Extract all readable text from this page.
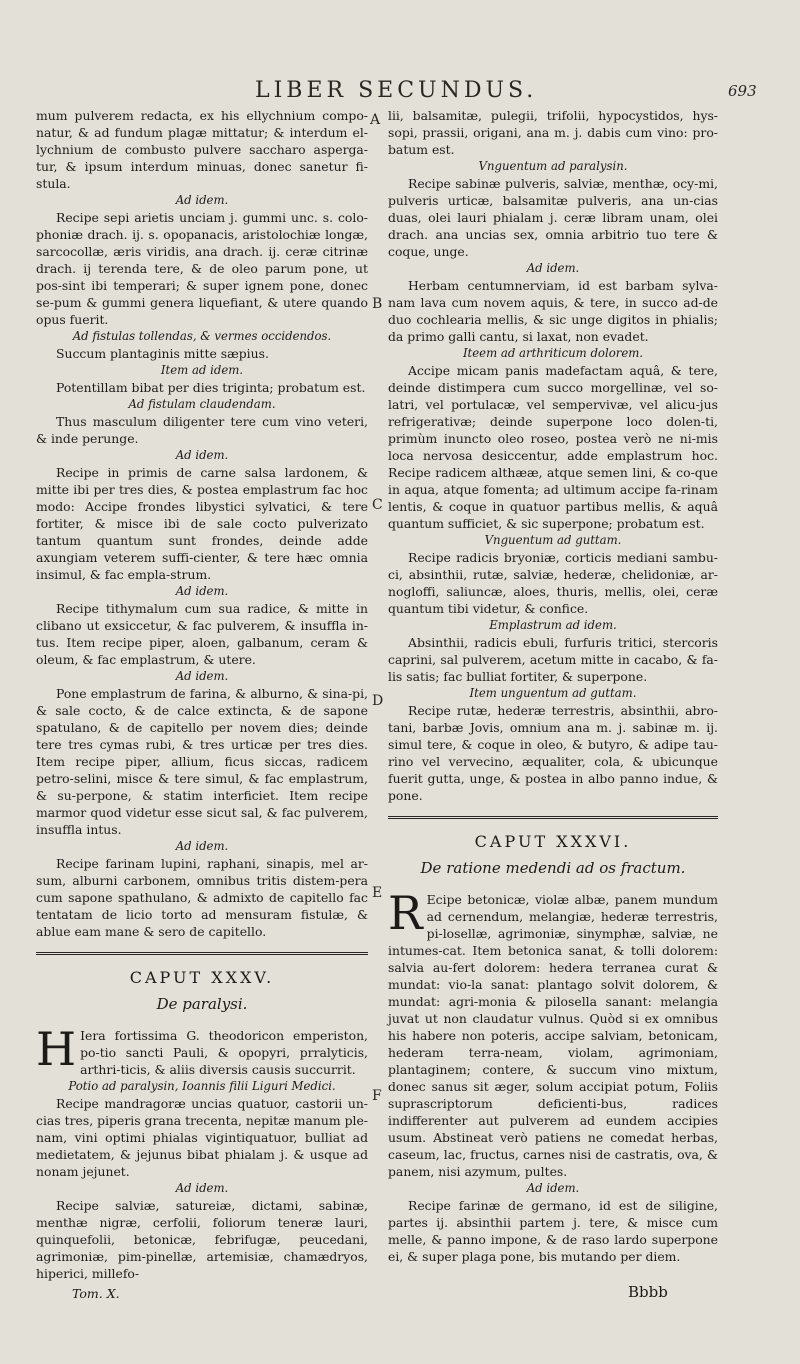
LIBER SECUNDUS.	693
A
B
C
D
E
F

mum pulverem redacta, ex his ellychnium compo-natur, & ad fundum plagæ mittatur; & interdum el-lychnium de combusto pulvere saccharo asperga-tur, & ipsum interdum minuas, donec sanetur fi-stula.

Ad idem.

Recipe sepi arietis unciam j. gummi unc. s. colo-phoniæ drach. ij. s. opopanacis, aristolochiæ longæ, sarcocollæ, æris viridis, ana drach. ij. ceræ citrinæ drach. ij terenda tere, & de oleo parum pone, ut pos-sint ibi temperari; & super ignem pone, donec se-pum & gummi genera liquefiant, & utere quando opus fuerit.

Ad fistulas tollendas, & vermes occidendos.

Succum plantaginis mitte sæpius.

Item ad idem.

Potentillam bibat per dies triginta; probatum est.

Ad fistulam claudendam.

Thus masculum diligenter tere cum vino veteri, & inde perunge.

Ad idem.

Recipe in primis de carne salsa lardonem, & mitte ibi per tres dies, & postea emplastrum fac hoc modo: Accipe frondes libystici sylvatici, & tere fortiter, & misce ibi de sale cocto pulverizato tantum quantum sunt frondes, deinde adde axungiam veterem suffi-cienter, & tere hæc omnia insimul, & fac empla-strum.

Ad idem.

Recipe tithymalum cum sua radice, & mitte in clibano ut exsiccetur, & fac pulverem, & insuffla in-tus. Item recipe piper, aloen, galbanum, ceram & oleum, & fac emplastrum, & utere.

Ad idem.

Pone emplastrum de farina, & alburno, & sina-pi, & sale cocto, & de calce extincta, & de sapone spatulano, & de capitello per novem dies; deinde tere tres cymas rubi, & tres urticæ per tres dies. Item recipe piper, allium, ficus siccas, radicem petro-selini, misce & tere simul, & fac emplastrum, & su-perpone, & statim interficiet. Item recipe marmor quod videtur esse sicut sal, & fac pulverem, insuffla intus.

Ad idem.

Recipe farinam lupini, raphani, sinapis, mel ar-sum, alburni carbonem, omnibus tritis distem-pera cum sapone spathulano, & admixto de capitello fac tentatam de licio torto ad mensuram fistulæ, & ablue eam mane & sero de capitello.

CAPUT XXXV.
De paralysi.

H Iera fortissima G. theodoricon emperiston, po-tio sancti Pauli, & opopyri, prralyticis, arthri-ticis, & aliis diversis causis succurrit.

Potio ad paralysin, Ioannis filii Liguri Medici.

Recipe mandragoræ uncias quatuor, castorii un-cias tres, piperis grana trecenta, nepitæ manum ple-nam, vini optimi phialas vigintiquatuor, bulliat ad medietatem, & jejunus bibat phialam j. & usque ad nonam jejunet.

Ad idem.

Recipe salviæ, satureiæ, dictami, sabinæ, menthæ nigræ, cerfolii, foliorum teneræ lauri, quinquefolii, betonicæ, febrifugæ, peucedani, agrimoniæ, pim-pinellæ, artemisiæ, chamædryos, hiperici, millefo-

lii, balsamitæ, pulegii, trifolii, hypocystidos, hys-sopi, prassii, origani, ana m. j. dabis cum vino: pro-batum est.

Vnguentum ad paralysin.

Recipe sabinæ pulveris, salviæ, menthæ, ocy-mi, pulveris urticæ, balsamitæ pulveris, ana un-cias duas, olei lauri phialam j. ceræ libram unam, olei drach. ana uncias sex, omnia arbitrio tuo tere & coque, unge.

Ad idem.

Herbam centumnerviam, id est barbam sylva-nam lava cum novem aquis, & tere, in succo ad-de duo cochlearia mellis, & sic unge digitos in phialis; da primo galli cantu, si laxat, non evadet.

Iteem ad arthriticum dolorem.

Accipe micam panis madefactam aquâ, & tere, deinde distimpera cum succo morgellinæ, vel so-latri, vel portulacæ, vel sempervivæ, vel alicu-jus refrigerativæ; deinde superpone loco dolen-ti, primùm inuncto oleo roseo, postea verò ne ni-mis loca nervosa desiccentur, adde emplastrum hoc. Recipe radicem althææ, atque semen lini, & co-que in aqua, atque fomenta; ad ultimum accipe fa-rinam lentis, & coque in quatuor partibus mellis, & aquâ quantum sufficiet, & sic superpone; probatum est.

Vnguentum ad guttam.

Recipe radicis bryoniæ, corticis mediani sambu-ci, absinthii, rutæ, salviæ, hederæ, chelidoniæ, ar-nogloffi, saliuncæ, aloes, thuris, mellis, olei, ceræ quantum tibi videtur, & confice.

Emplastrum ad idem.

Absinthii, radicis ebuli, furfuris tritici, stercoris caprini, sal pulverem, acetum mitte in cacabo, & fa-lis satis; fac bulliat fortiter, & superpone.

Item unguentum ad guttam.

Recipe rutæ, hederæ terrestris, absinthii, abro-tani, barbæ Jovis, omnium ana m. j. sabinæ m. ij. simul tere, & coque in oleo, & butyro, & adipe tau-rino vel vervecino, æqualiter, cola, & ubicunque fuerit gutta, unge, & postea in albo panno indue, & pone.

CAPUT XXXVI.
De ratione medendi ad os fractum.

R Ecipe betonicæ, violæ albæ, panem mundum ad cernendum, melangiæ, hederæ terrestris, pi-losellæ, agrimoniæ, sinymphæ, salviæ, ne intumes-cat. Item betonica sanat, & tolli dolorem: salvia au-fert dolorem: hedera terranea curat & mundat: vio-la sanat: plantago solvit dolorem, & mundat: agri-monia & pilosella sanant: melangia juvat ut non claudatur vulnus. Quòd si ex omnibus his habere non poteris, accipe salviam, betonicam, hederam terra-neam, violam, agrimoniam, plantaginem; contere, & succum vino mixtum, donec sanus sit æger, solum accipiat potum, Foliis suprascriptorum deficienti-bus, radices indifferenter aut pulverem ad eundem accipies usum. Abstineat verò patiens ne comedat herbas, caseum, lac, fructus, carnes nisi de castratis, ova, & panem, nisi azymum, pultes.

Ad idem.

Recipe farinæ de germano, id est de siligine, partes ij. absinthii partem j. tere, & misce cum melle, & panno impone, & de raso lardo superpone ei, & super plaga pone, bis mutando per diem.

Tom. X.	Bbbb
